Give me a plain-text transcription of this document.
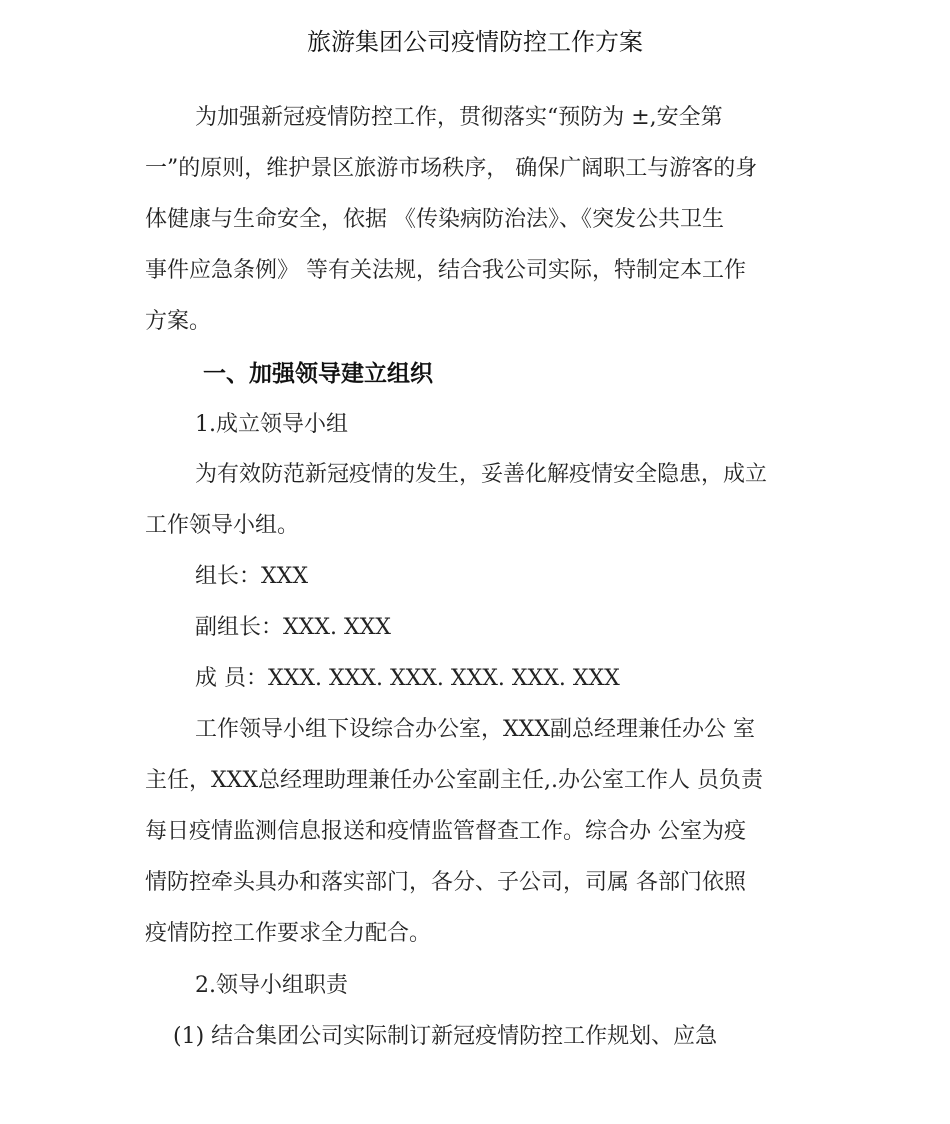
旅游集团公司疫情防控工作方案
为加强新冠疫情防控工作，贯彻落实“预防为 ±,安全第
一”的原则，维护景区旅游市场秩序， 确保广阔职工与游客的身
体健康与生命安全，依据 《传染病防治法》、《突发公共卫生
事件应急条例》 等有关法规，结合我公司实际，特制定本工作
方案。
一、加强领导建立组织
1.成立领导小组
为有效防范新冠疫情的发生，妥善化解疫情安全隐患，成立
工作领导小组。
组长：XXX
副组长：XXX. XXX
成 员：XXX. XXX. XXX. XXX. XXX. XXX
工作领导小组下设综合办公室，XXX副总经理兼任办公 室
主任，XXX总经理助理兼任办公室副主任,.办公室工作人 员负责
每日疫情监测信息报送和疫情监管督查工作。综合办 公室为疫
情防控牵头具办和落实部门，各分、子公司，司属 各部门依照
疫情防控工作要求全力配合。
2.领导小组职责
(1) 结合集团公司实际制订新冠疫情防控工作规划、应急
